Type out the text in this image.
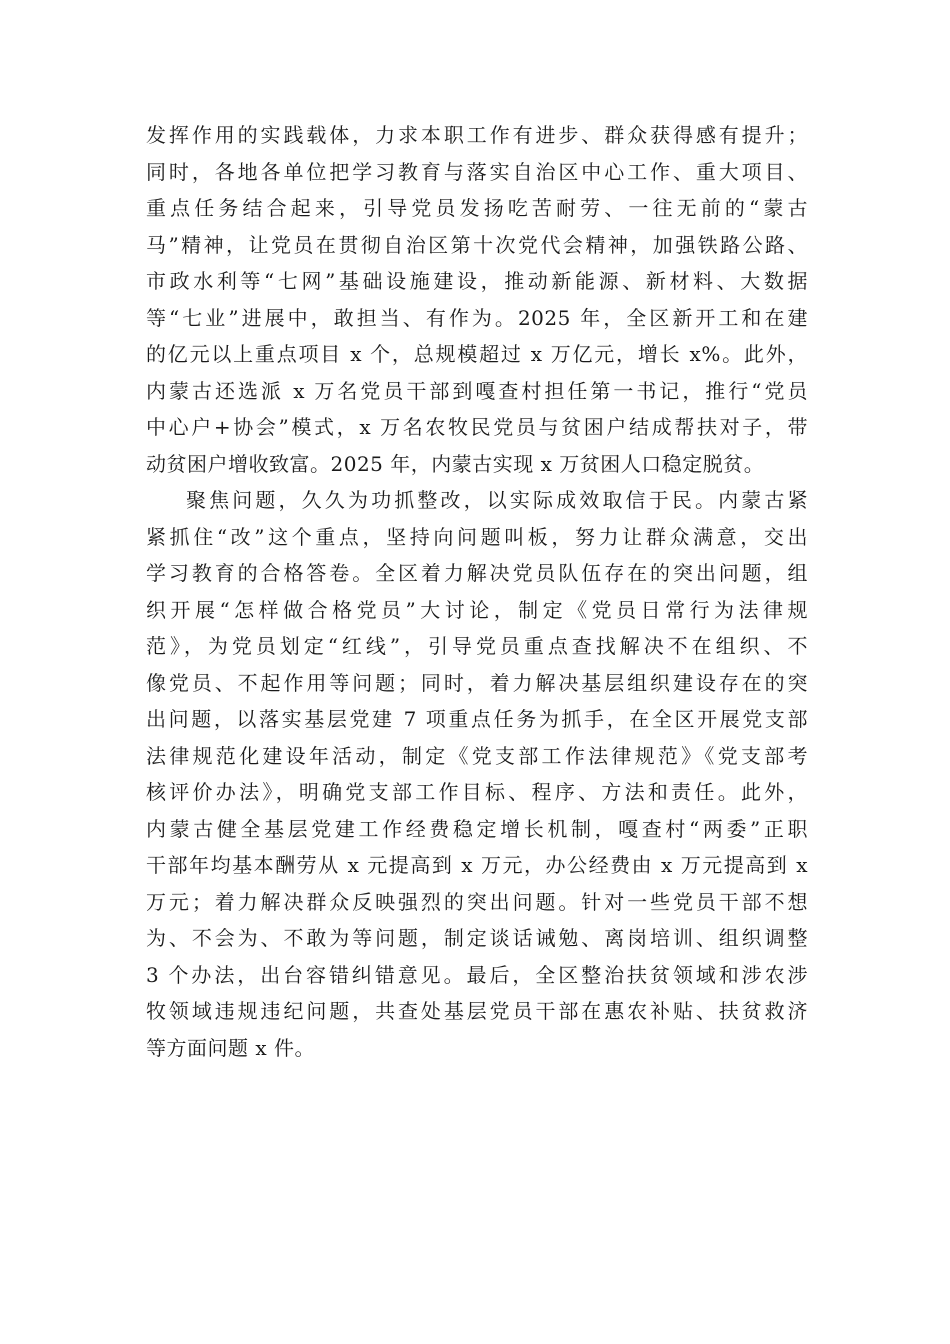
发挥作用的实践载体，力求本职工作有进步、群众获得感有提升；
同时，各地各单位把学习教育与落实自治区中心工作、重大项目、
重点任务结合起来，引导党员发扬吃苦耐劳、一往无前的“蒙古
马”精神，让党员在贯彻自治区第十次党代会精神，加强铁路公路、
市政水利等“七网”基础设施建设，推动新能源、新材料、大数据
等“七业”进展中，敢担当、有作为。2025 年，全区新开工和在建
的亿元以上重点项目 x 个，总规模超过 x 万亿元，增长 x%。此外，
内蒙古还选派 x 万名党员干部到嘎查村担任第一书记，推行“党员
中心户+协会”模式，x 万名农牧民党员与贫困户结成帮扶对子，带
动贫困户增收致富。2025 年，内蒙古实现 x 万贫困人口稳定脱贫。
聚焦问题，久久为功抓整改，以实际成效取信于民。内蒙古紧
紧抓住“改”这个重点，坚持向问题叫板，努力让群众满意，交出
学习教育的合格答卷。全区着力解决党员队伍存在的突出问题，组
织开展“怎样做合格党员”大讨论，制定《党员日常行为法律规
范》，为党员划定“红线”，引导党员重点查找解决不在组织、不
像党员、不起作用等问题；同时，着力解决基层组织建设存在的突
出问题，以落实基层党建 7 项重点任务为抓手，在全区开展党支部
法律规范化建设年活动，制定《党支部工作法律规范》《党支部考
核评价办法》，明确党支部工作目标、程序、方法和责任。此外，
内蒙古健全基层党建工作经费稳定增长机制，嘎查村“两委”正职
干部年均基本酬劳从 x 元提高到 x 万元，办公经费由 x 万元提高到 x
万元；着力解决群众反映强烈的突出问题。针对一些党员干部不想
为、不会为、不敢为等问题，制定谈话诫勉、离岗培训、组织调整
3 个办法，出台容错纠错意见。最后，全区整治扶贫领域和涉农涉
牧领域违规违纪问题，共查处基层党员干部在惠农补贴、扶贫救济
等方面问题 x 件。
